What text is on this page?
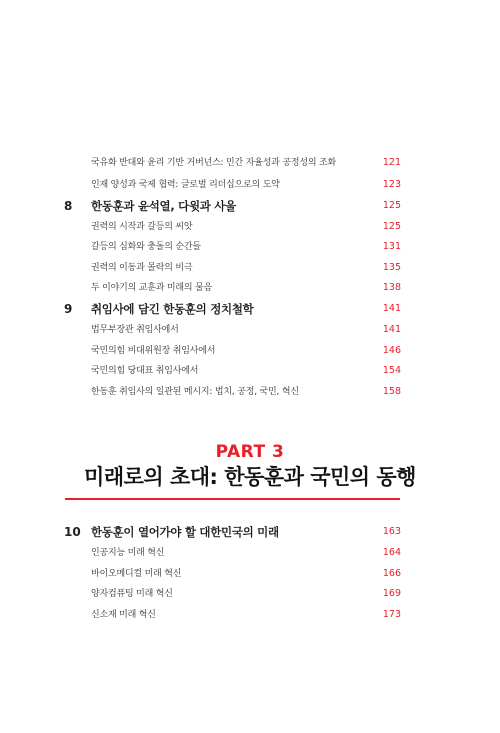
국유화 반대와 윤리 기반 거버넌스: 민간 자율성과 공정성의 조화	121
인재 양성과 국제 협력: 글로벌 리더십으로의 도약	123
8 한동훈과 윤석열, 다윗과 사울	125
권력의 시작과 갈등의 씨앗	125
갈등의 심화와 충돌의 순간들	131
권력의 이동과 몰락의 비극	135
두 이야기의 교훈과 미래의 물음	138
9 취임사에 담긴 한동훈의 정치철학	141
법무부장관 취임사에서	141
국민의힘 비대위원장 취임사에서	146
국민의힘 당대표 취임사에서	154
한동훈 취임사의 일관된 메시지: 법치, 공정, 국민, 혁신	158
PART 3
미래로의 초대: 한동훈과 국민의 동행
10 한동훈이 열어가야 할 대한민국의 미래	163
인공지능 미래 혁신	164
바이오메디컬 미래 혁신	166
양자컴퓨팅 미래 혁신	169
신소재 미래 혁신	173
